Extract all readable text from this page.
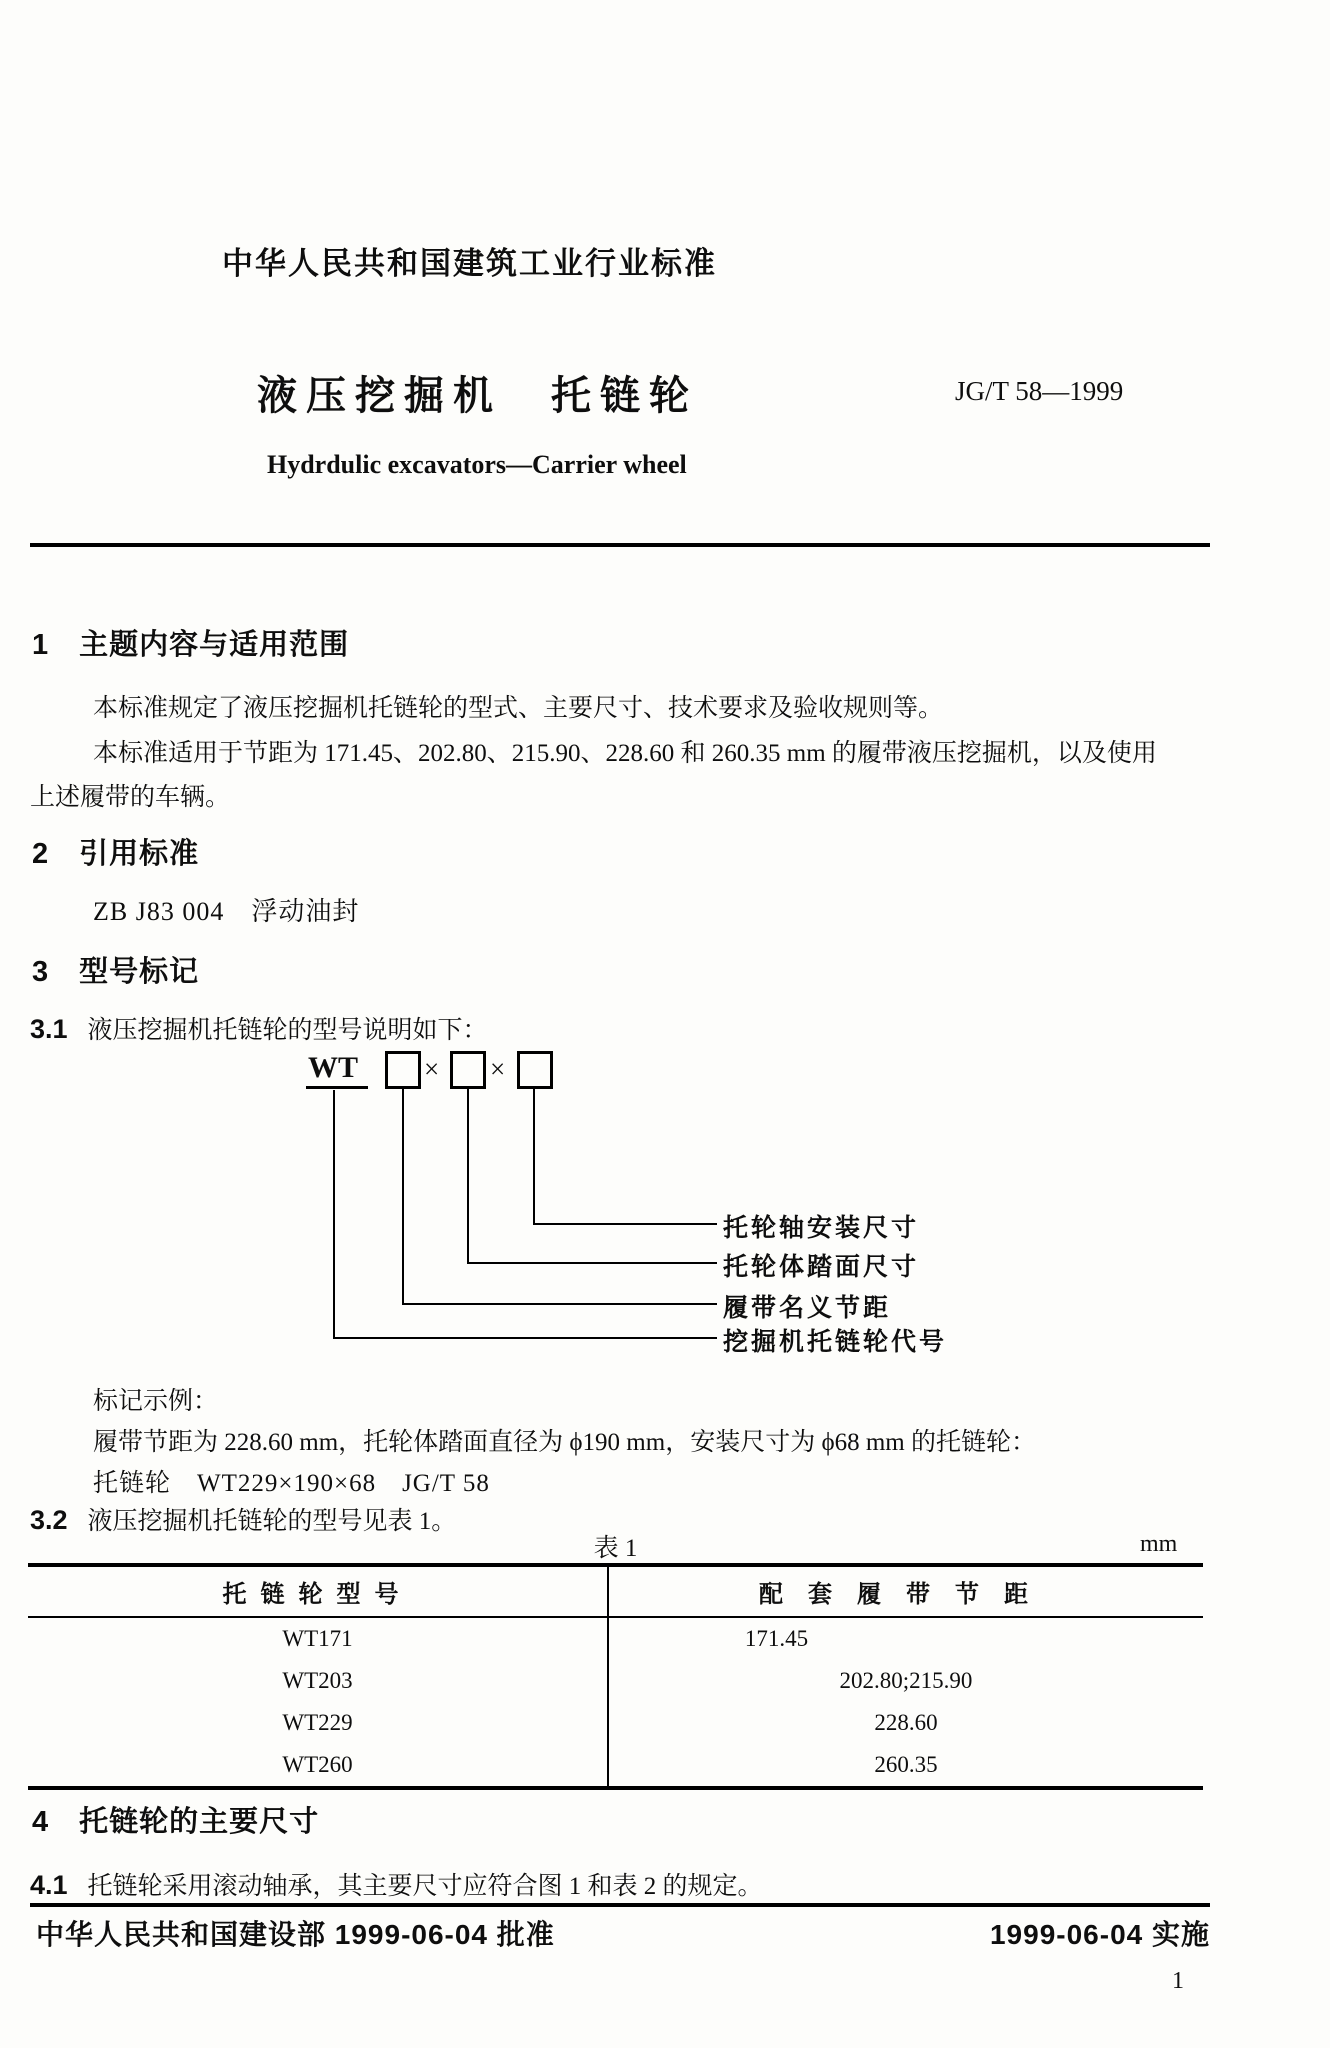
中华人民共和国建筑工业行业标准
液压挖掘机　托链轮	JG/T 58—1999
Hydrdulic excavators—Carrier wheel
1　主题内容与适用范围
本标准规定了液压挖掘机托链轮的型式、主要尺寸、技术要求及验收规则等。
本标准适用于节距为 171.45、202.80、215.90、228.60 和 260.35 mm 的履带液压挖掘机，以及使用
上述履带的车辆。
2　引用标准
ZB J83 004　浮动油封
3　型号标记
3.1 液压挖掘机托链轮的型号说明如下：
WT	× ×
托轮轴安装尺寸
托轮体踏面尺寸
履带名义节距
挖掘机托链轮代号
标记示例：
履带节距为 228.60 mm，托轮体踏面直径为 ϕ190 mm，安装尺寸为 ϕ68 mm 的托链轮：
托链轮　WT229×190×68　JG/T 58
3.2 液压挖掘机托链轮的型号见表 1。
表 1	mm
托链轮型号	配套履带节距
WT171	171.45
WT203	202.80;215.90
WT229	228.60
WT260	260.35
4　托链轮的主要尺寸
4.1 托链轮采用滚动轴承，其主要尺寸应符合图 1 和表 2 的规定。
中华人民共和国建设部 1999-06-04 批准	1999-06-04 实施
1
